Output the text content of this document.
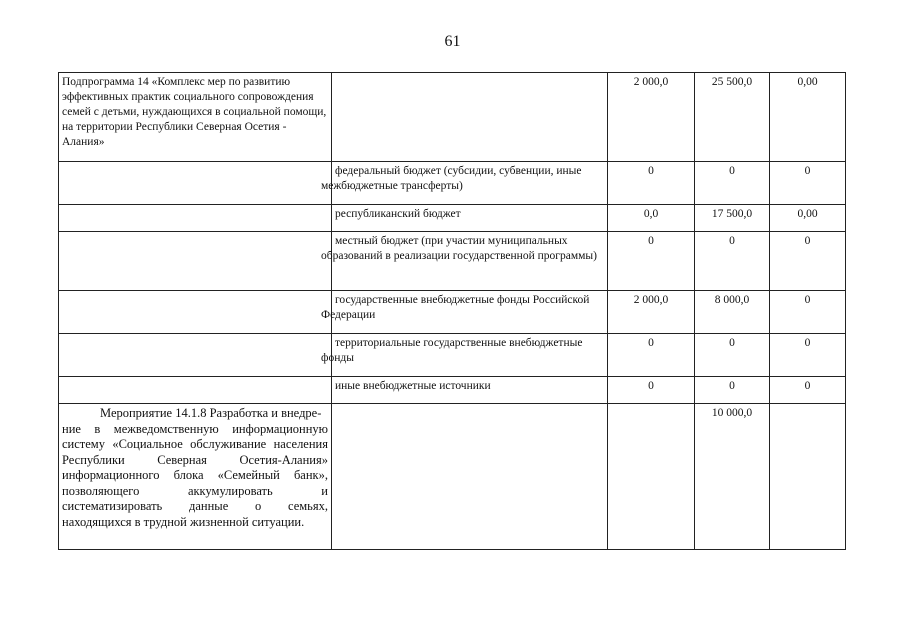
61
Подпрограмма 14 «Комплекс мер по развитию эффективных практик социального сопровождения семей с детьми, нуждающихся в социальной помощи, на территории Республики Северная Осетия - Алания»		2 000,0	25 500,0	0,00

	федеральный бюджет (субсидии, субвенции, иные межбюджетные трансферты)	0	0	0

	республиканский бюджет	0,0	17 500,0	0,00

	местный бюджет (при участии муниципальных образований в реализации государственной программы)	0	0	0

	государственные внебюджетные фонды Российской Федерации	2 000,0	8 000,0	0

	территориальные государственные внебюджетные фонды	0	0	0

	иные внебюджетные источники	0	0	0

Мероприятие 14.1.8 Разработка и внедре-
ние в межведомственную информационную систему «Социальное обслуживание населения Республики Северная Осетия-Алания» информационного блока «Семейный банк», позволяющего аккумулировать и систематизировать данные о семьях, находящихся в трудной жизненной ситуации.			10 000,0	
